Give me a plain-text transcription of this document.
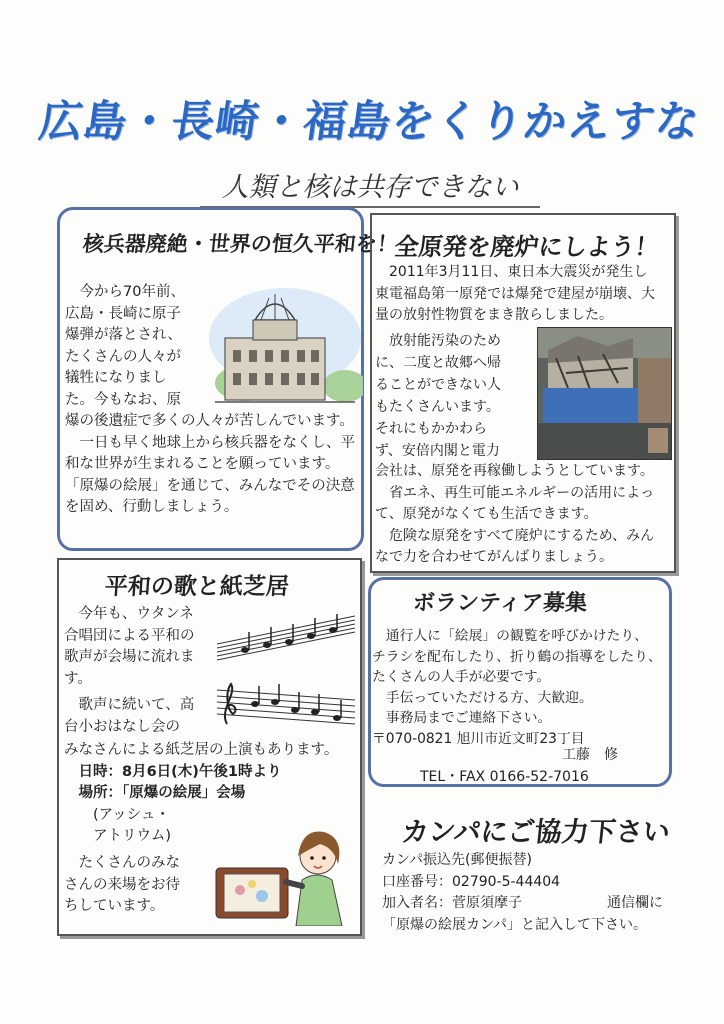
広島・長崎・福島をくりかえすな
人類と核は共存できない
核兵器廃絶・世界の恒久平和を！
　今から70年前、
広島・長崎に原子
爆弾が落とされ、
たくさんの人々が
犠牲になりまし
た。今もなお、原
爆の後遺症で多くの人々が苦しんでいます。
　一日も早く地球上から核兵器をなくし、平
和な世界が生まれることを願っています。
「原爆の絵展」を通じて、みんなでその決意
を固め、行動しましょう。
全原発を廃炉にしよう！
　2011年3月11日、東日本大震災が発生し
東電福島第一原発では爆発で建屋が崩壊、大
量の放射性物質をまき散らしました。
　放射能汚染のため
に、二度と故郷へ帰
ることができない人
もたくさんいます。
それにもかかわら
ず、安倍内閣と電力
会社は、原発を再稼働しようとしています。
　省エネ、再生可能エネルギーの活用によっ
て、原発がなくても生活できます。
　危険な原発をすべて廃炉にするため、みん
なで力を合わせてがんばりましょう。
平和の歌と紙芝居
　今年も、ウタンネ
合唱団による平和の
歌声が会場に流れま
す。
　歌声に続いて、高
台小おはなし会の
みなさんによる紙芝居の上演もあります。
　日時：8月6日(木)午後1時より
　場所：「原爆の絵展」会場
　　(アッシュ・
　　アトリウム)
　たくさんのみな
さんの来場をお待
ちしています。
ボランティア募集
　通行人に「絵展」の観覧を呼びかけたり、
チラシを配布したり、折り鶴の指導をしたり、
たくさんの人手が必要です。
　手伝っていただける方、大歓迎。
　事務局までご連絡下さい。
〒070-0821 旭川市近文町23丁目
工藤　修
TEL・FAX 0166-52-7016
カンパにご協力下さい
カンパ振込先(郵便振替)
口座番号：02790-5-44404
加入者名：菅原須摩子	通信欄に
「原爆の絵展カンパ」と記入して下さい。
